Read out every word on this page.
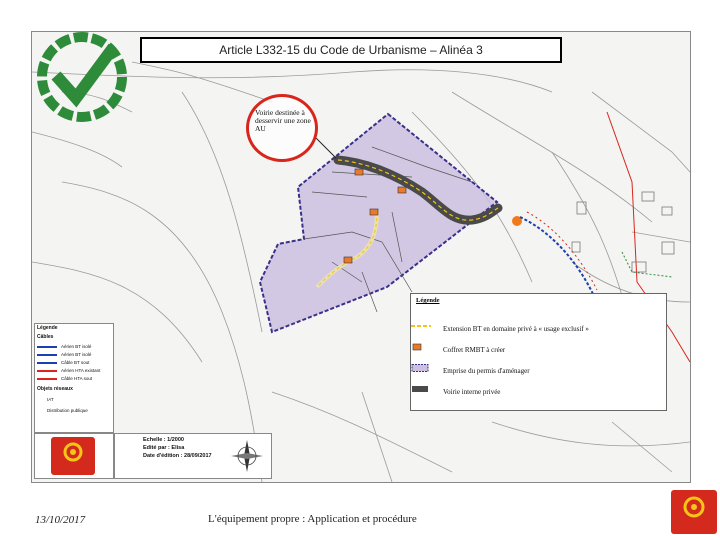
Article L332-15 du Code de Urbanisme – Alinéa 3
Voirie destinée à desservir une zone AU
Légende
Extension BT en domaine privé à « usage exclusif »
Coffret RMBT à créer
Emprise du permis d'aménager
Voirie interne privée
Légende
Câbles
Aérien BT isolé
Aérien BT isolé
Câble BT sout
Aérien HTA existant
Câble HTA sout
Objets réseaux
IAT
Distribution publique
Echelle : 1/2000
Edité par : Elisa
Date d'édition : 28/09/2017
13/10/2017	L'équipement propre : Application et procédure
